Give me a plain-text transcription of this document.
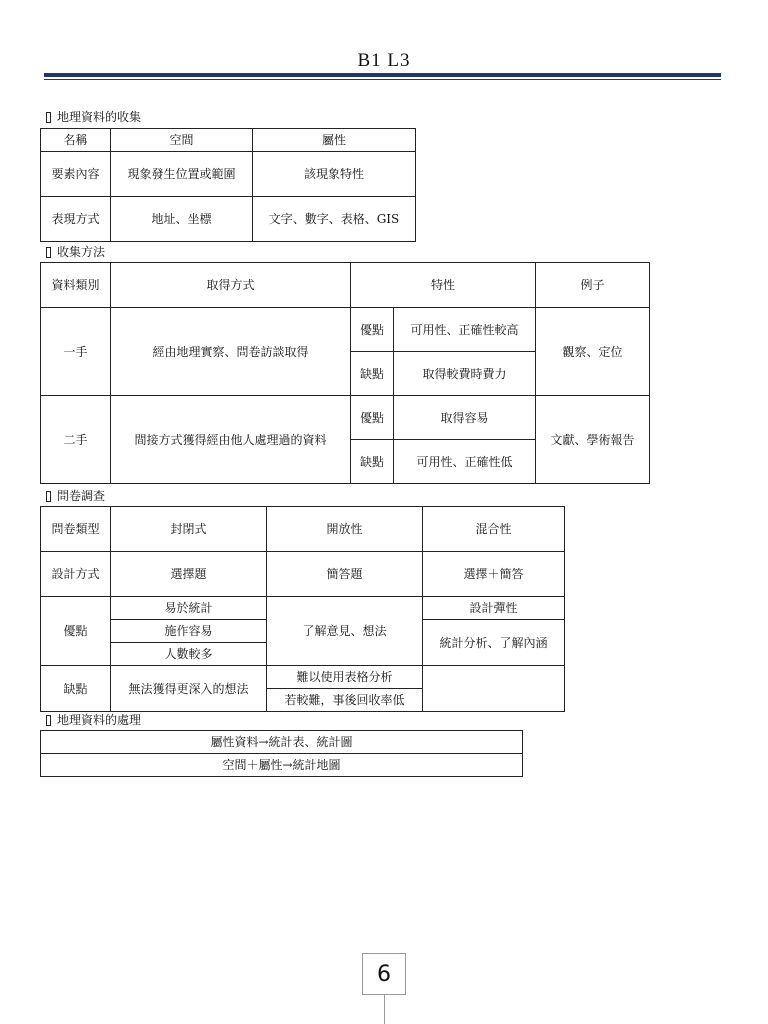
B1 L3
地理資料的收集
名稱	空間	屬性
要素內容	現象發生位置或範圍	該現象特性
表現方式	地址、坐標	文字、數字、表格、GIS
收集方法
資料類別	取得方式	特性		例子
一手	經由地理實察、問卷訪談取得	優點	可用性、正確性較高	觀察、定位
		缺點	取得較費時費力	
二手	間接方式獲得經由他人處理過的資料	優點	取得容易	文獻、學術報告
		缺點	可用性、正確性低	
問卷調查
問卷類型	封閉式	開放性	混合性
設計方式	選擇題	簡答題	選擇＋簡答
優點	易於統計	了解意見、想法	設計彈性
	施作容易		統計分析、了解內涵
	人數較多		
缺點	無法獲得更深入的想法	難以使用表格分析	
		若較難，事後回收率低	
地理資料的處理
屬性資料→統計表、統計圖
空間＋屬性→統計地圖
6
